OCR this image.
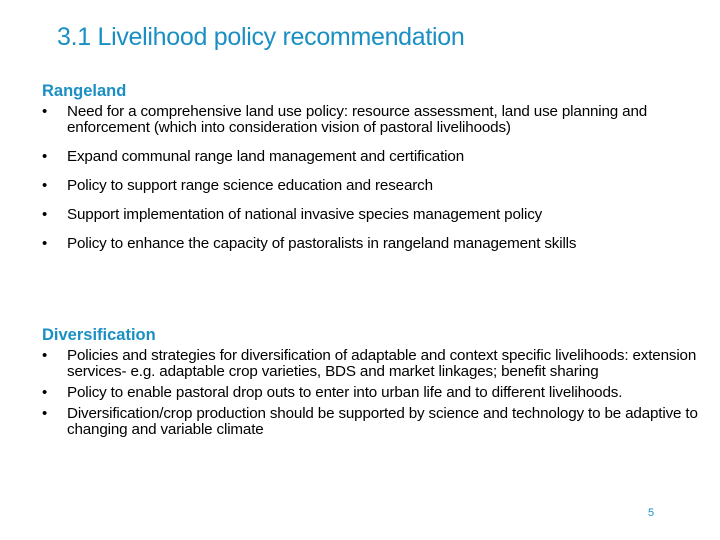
3.1 Livelihood policy recommendation
Rangeland
•	Need for a comprehensive land use policy: resource assessment, land use planning and enforcement (which into consideration vision of pastoral livelihoods)
•	Expand communal range land management and certification
•	Policy to support range science education and research
•	Support implementation of national invasive species management policy
•	Policy to enhance the capacity of pastoralists in rangeland management skills
Diversification
•	Policies and strategies for diversification of adaptable and context specific livelihoods: extension services- e.g. adaptable crop varieties, BDS and market linkages; benefit sharing
•	Policy to enable pastoral drop outs to enter into urban life and to different livelihoods.
•	Diversification/crop production should be supported by science and technology to be adaptive to changing and variable climate
5
